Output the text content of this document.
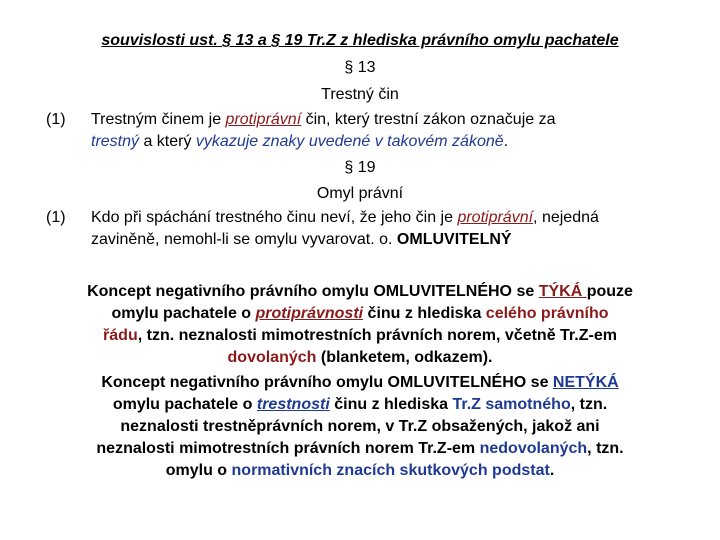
souvislosti ust. § 13 a § 19 Tr.Z z hlediska právního omylu pachatele
§ 13
Trestný čin
(1) Trestným činem je protiprávní čin, který trestní zákon označuje za
trestný a který vykazuje znaky uvedené v takovém zákoně.
§ 19
Omyl právní
(1) Kdo při spáchání trestného činu neví, že jeho čin je protiprávní, nejedná
zaviněně, nemohl-li se omylu vyvarovat. o. OMLUVITELNÝ
Koncept negativního právního omylu OMLUVITELNÉHO se TÝKÁ pouze
omylu pachatele o protiprávnosti činu z hlediska celého právního
řádu, tzn. neznalosti mimotrestních právních norem, včetně Tr.Z-em
dovolaných (blanketem, odkazem).
Koncept negativního právního omylu OMLUVITELNÉHO se NETÝKÁ
omylu pachatele o trestnosti činu z hlediska Tr.Z samotného, tzn.
neznalosti trestněprávních norem, v Tr.Z obsažených, jakož ani
neznalosti mimotrestních právních norem Tr.Z-em nedovolaných, tzn.
omylu o normativních znacích skutkových podstat.
